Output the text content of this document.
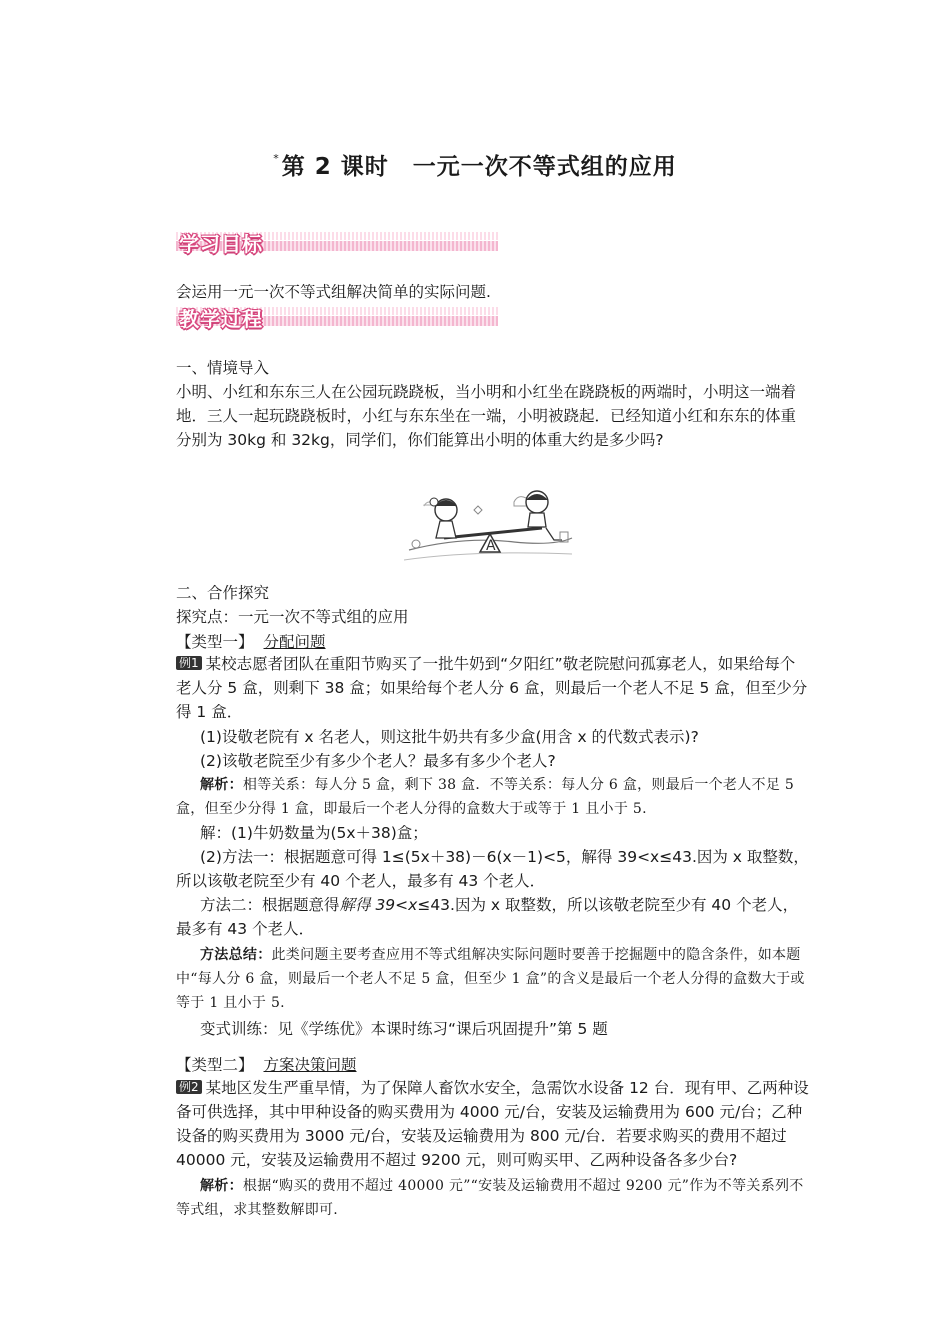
*第 2 课时 一元一次不等式组的应用
学习目标
会运用一元一次不等式组解决简单的实际问题.
教学过程
一、情境导入

小明、小红和东东三人在公园玩跷跷板，当小明和小红坐在跷跷板的两端时，小明这一端着地．三人一起玩跷跷板时，小红与东东坐在一端，小明被跷起．已经知道小红和东东的体重分别为 30kg 和 32kg，同学们，你们能算出小明的体重大约是多少吗?

A
二、合作探究
探究点：一元一次不等式组的应用
【类型一】 分配问题

例1 某校志愿者团队在重阳节购买了一批牛奶到“夕阳红”敬老院慰问孤寡老人，如果给每个老人分 5 盒，则剩下 38 盒；如果给每个老人分 6 盒，则最后一个老人不足 5 盒，但至少分得 1 盒．

(1)设敬老院有 x 名老人，则这批牛奶共有多少盒(用含 x 的代数式表示)?

(2)该敬老院至少有多少个老人？最多有多少个老人?

解析：相等关系：每人分 5 盒，剩下 38 盒．不等关系：每人分 6 盒，则最后一个老人不足 5 盒，但至少分得 1 盒，即最后一个老人分得的盒数大于或等于 1 且小于 5.

解：(1)牛奶数量为(5x＋38)盒；

(2)方法一：根据题意可得 1≤(5x＋38)－6(x－1)<5，解得 39<x≤43.因为 x 取整数，所以该敬老院至少有 40 个老人，最多有 43 个老人．

方法二：根据题意得解得 39<x≤43.因为 x 取整数，所以该敬老院至少有 40 个老人，最多有 43 个老人．

方法总结：此类问题主要考查应用不等式组解决实际问题时要善于挖掘题中的隐含条件，如本题中“每人分 6 盒，则最后一个老人不足 5 盒，但至少 1 盒”的含义是最后一个老人分得的盒数大于或等于 1 且小于 5.

变式训练：见《学练优》本课时练习“课后巩固提升”第 5 题

【类型二】 方案决策问题

例2 某地区发生严重旱情，为了保障人畜饮水安全，急需饮水设备 12 台．现有甲、乙两种设备可供选择，其中甲种设备的购买费用为 4000 元/台，安装及运输费用为 600 元/台；乙种设备的购买费用为 3000 元/台，安装及运输费用为 800 元/台．若要求购买的费用不超过 40000 元，安装及运输费用不超过 9200 元，则可购买甲、乙两种设备各多少台?

解析：根据“购买的费用不超过 40000 元”“安装及运输费用不超过 9200 元”作为不等关系列不等式组，求其整数解即可.
